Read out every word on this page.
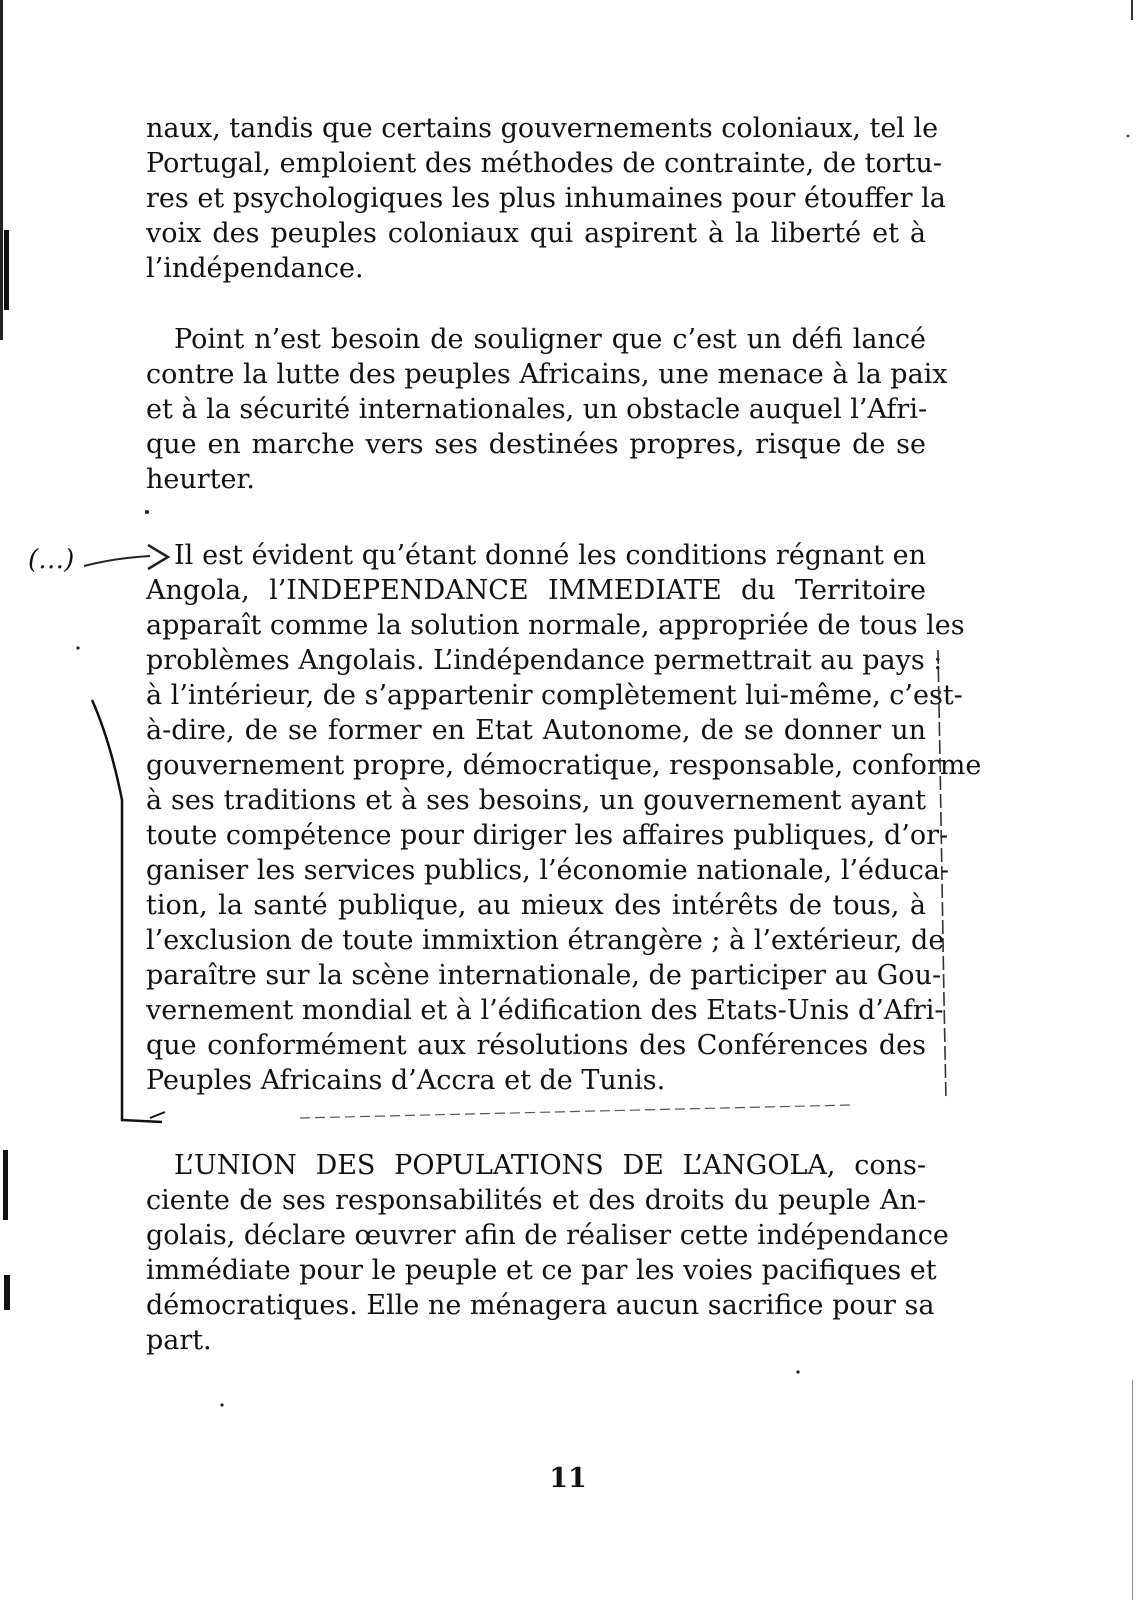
naux, tandis que certains gouvernements coloniaux, tel le
Portugal, emploient des méthodes de contrainte, de tortu-
res et psychologiques les plus inhumaines pour étouffer la
voix des peuples coloniaux qui aspirent à la liberté et à
l’indépendance.
Point n’est besoin de souligner que c’est un défi lancé
contre la lutte des peuples Africains, une menace à la paix
et à la sécurité internationales, un obstacle auquel l’Afri-
que en marche vers ses destinées propres, risque de se
heurter.
Il est évident qu’étant donné les conditions régnant en
Angola, l’INDEPENDANCE IMMEDIATE du Territoire
apparaît comme la solution normale, appropriée de tous les
problèmes Angolais. L’indépendance permettrait au pays :
à l’intérieur, de s’appartenir complètement lui-même, c’est-
à-dire, de se former en Etat Autonome, de se donner un
gouvernement propre, démocratique, responsable, conforme
à ses traditions et à ses besoins, un gouvernement ayant
toute compétence pour diriger les affaires publiques, d’or-
ganiser les services publics, l’économie nationale, l’éduca-
tion, la santé publique, au mieux des intérêts de tous, à
l’exclusion de toute immixtion étrangère ; à l’extérieur, de
paraître sur la scène internationale, de participer au Gou-
vernement mondial et à l’édification des Etats-Unis d’Afri-
que conformément aux résolutions des Conférences des
Peuples Africains d’Accra et de Tunis.
L’UNION DES POPULATIONS DE L’ANGOLA, cons-
ciente de ses responsabilités et des droits du peuple An-
golais, déclare œuvrer afin de réaliser cette indépendance
immédiate pour le peuple et ce par les voies pacifiques et
démocratiques. Elle ne ménagera aucun sacrifice pour sa
part.
(…)
11
